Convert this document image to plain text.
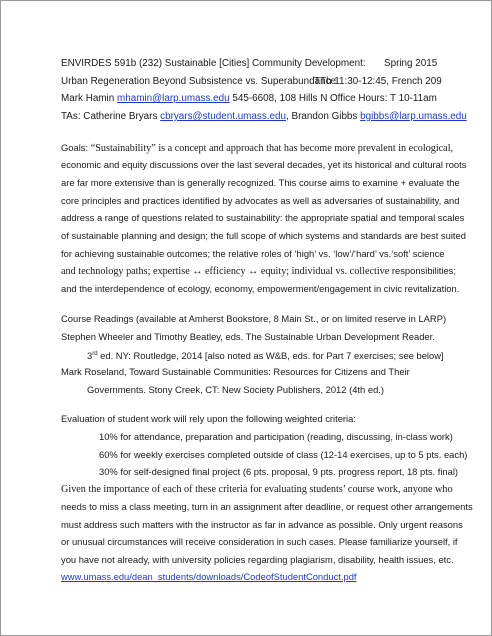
ENVIRDES 591b (232) Sustainable [Cities] Community Development: Spring 2015
Urban Regeneration Beyond Subsistence vs. Superabundance
TTh 11:30-12:45, French 209
Mark Hamin mhamin@larp.umass.edu 545-6608, 108 Hills N Office Hours: T 10-11am
TAs: Catherine Bryars cbryars@student.umass.edu, Brandon Gibbs bgibbs@larp.umass.edu
Goals: “Sustainability” is a concept and approach that has become more prevalent in ecological,
economic and equity discussions over the last several decades, yet its historical and cultural roots
are far more extensive than is generally recognized. This course aims to examine + evaluate the
core principles and practices identified by advocates as well as adversaries of sustainability, and
address a range of questions related to sustainability: the appropriate spatial and temporal scales
of sustainable planning and design; the full scope of which systems and standards are best suited
for achieving sustainable outcomes; the relative roles of ‘high’ vs. ‘low’/‘hard’ vs.‘soft’ science
and technology paths; expertise ↔ efficiency ↔ equity; individual vs. collective responsibilities;
and the interdependence of ecology, economy, empowerment/engagement in civic revitalization.
Course Readings (available at Amherst Bookstore, 8 Main St., or on limited reserve in LARP)
Stephen Wheeler and Timothy Beatley, eds. The Sustainable Urban Development Reader.
3rd ed. NY: Routledge, 2014 [also noted as W&B, eds. for Part 7 exercises; see below]
Mark Roseland, Toward Sustainable Communities: Resources for Citizens and Their
Governments. Stony Creek, CT: New Society Publishers, 2012 (4th ed.)
Evaluation of student work will rely upon the following weighted criteria:
10% for attendance, preparation and participation (reading, discussing, in-class work)
60% for weekly exercises completed outside of class (12-14 exercises, up to 5 pts. each)
30% for self-designed final project (6 pts. proposal, 9 pts. progress report, 18 pts. final)
Given the importance of each of these criteria for evaluating students’ course work, anyone who
needs to miss a class meeting, turn in an assignment after deadline, or request other arrangements
must address such matters with the instructor as far in advance as possible. Only urgent reasons
or unusual circumstances will receive consideration in such cases. Please familiarize yourself, if
you have not already, with university policies regarding plagiarism, disability, health issues, etc.
www.umass.edu/dean_students/downloads/CodeofStudentConduct.pdf
